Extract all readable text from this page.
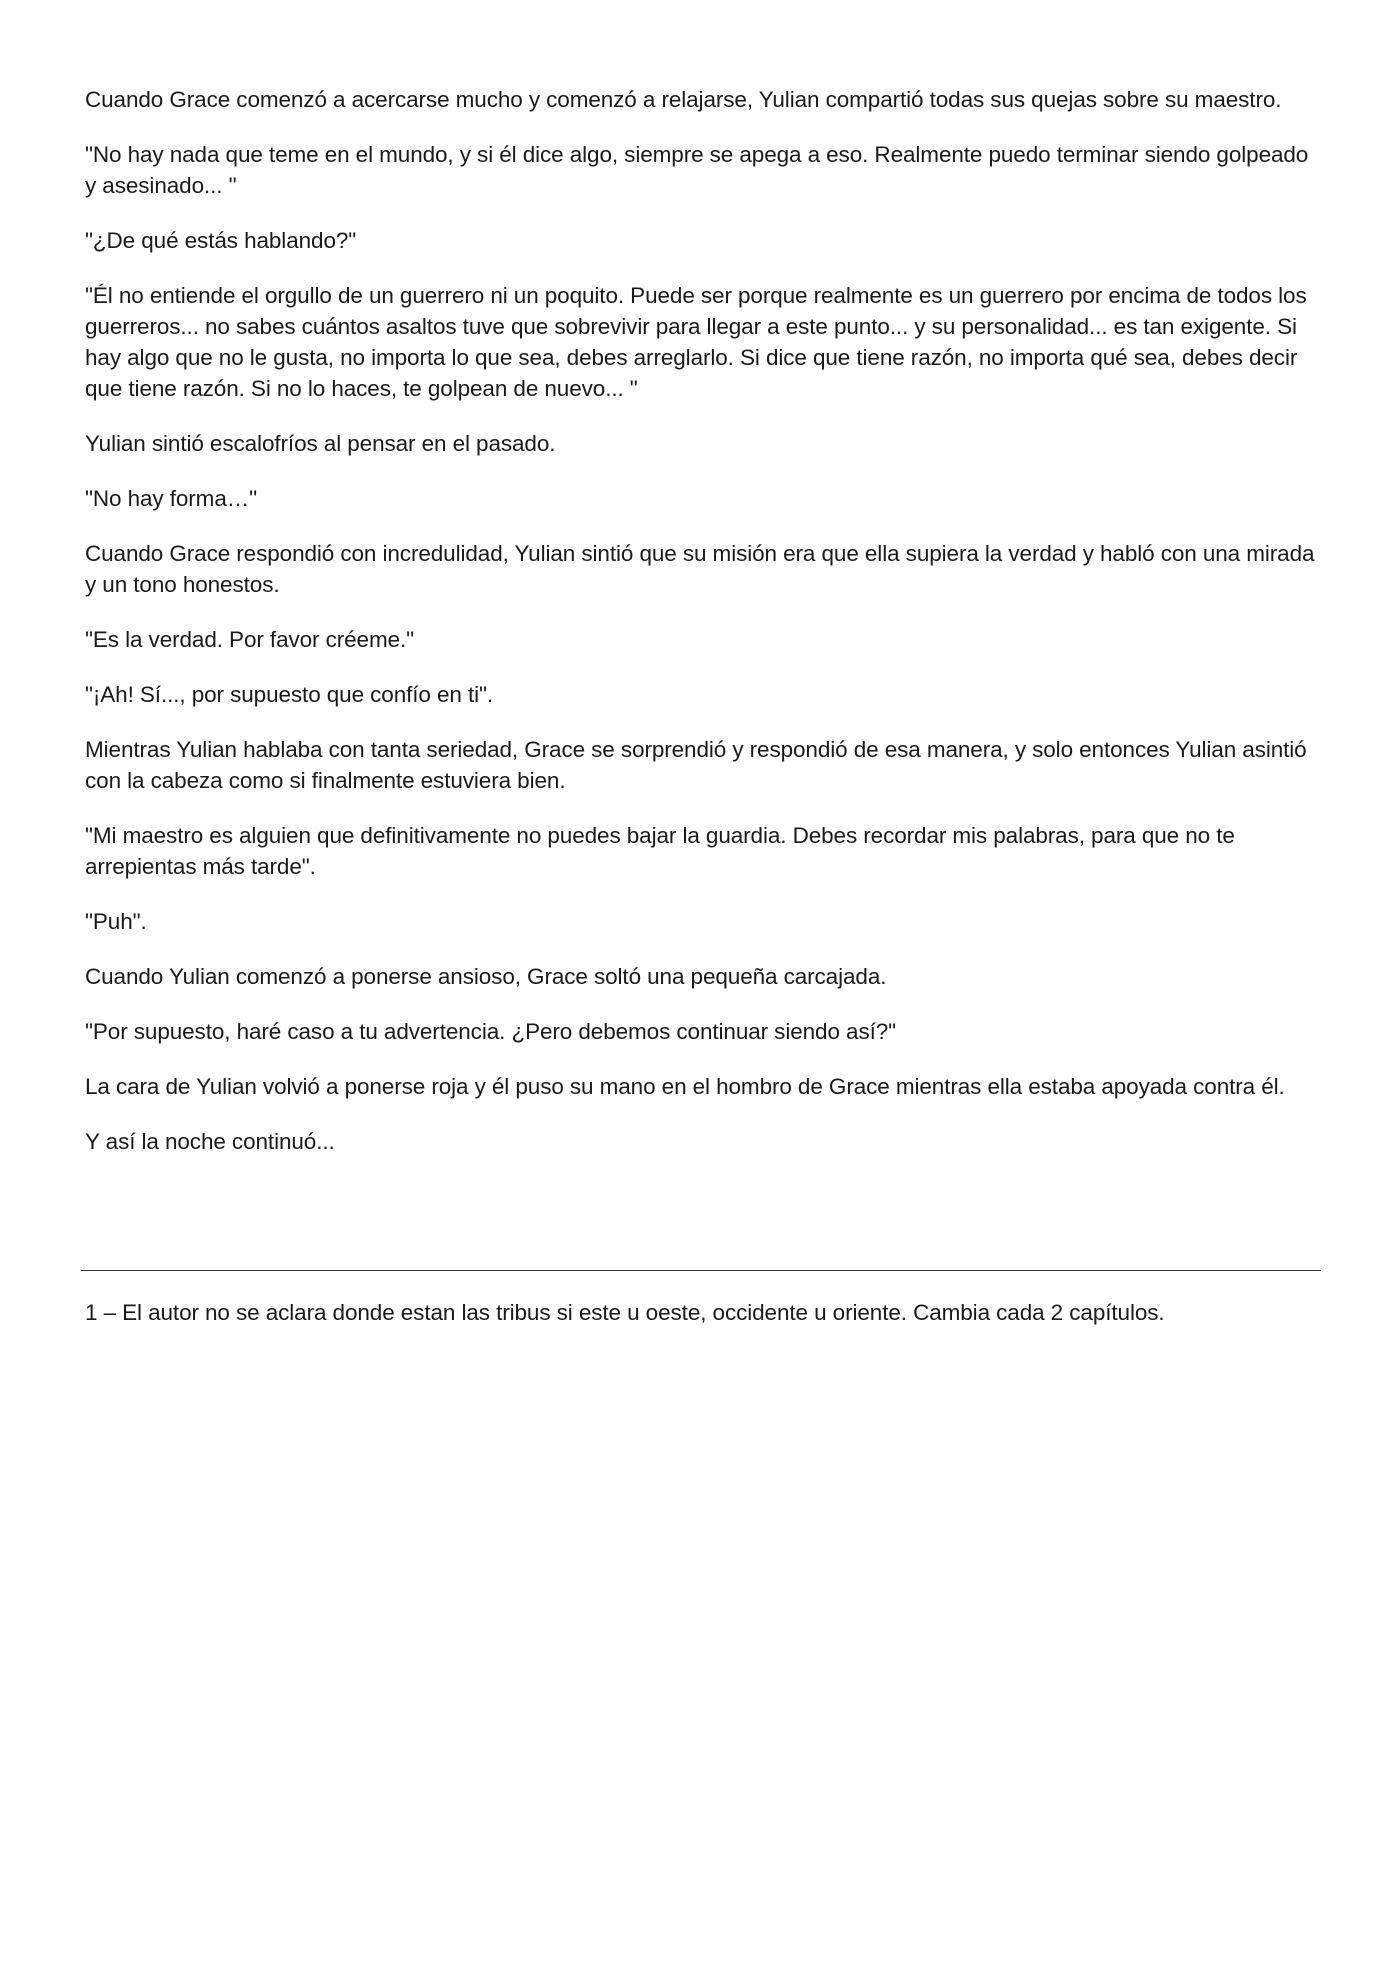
Cuando Grace comenzó a acercarse mucho y comenzó a relajarse, Yulian compartió todas sus quejas sobre su maestro.

"No hay nada que teme en el mundo, y si él dice algo, siempre se apega a eso. Realmente puedo terminar siendo golpeado y asesinado... "

"¿De qué estás hablando?"

"Él no entiende el orgullo de un guerrero ni un poquito. Puede ser porque realmente es un guerrero por encima de todos los guerreros... no sabes cuántos asaltos tuve que sobrevivir para llegar a este punto... y su personalidad... es tan exigente. Si hay algo que no le gusta, no importa lo que sea, debes arreglarlo. Si dice que tiene razón, no importa qué sea, debes decir que tiene razón. Si no lo haces, te golpean de nuevo... "

Yulian sintió escalofríos al pensar en el pasado.

"No hay forma…"

Cuando Grace respondió con incredulidad, Yulian sintió que su misión era que ella supiera la verdad y habló con una mirada y un tono honestos.

"Es la verdad. Por favor créeme."

"¡Ah! Sí..., por supuesto que confío en ti".

Mientras Yulian hablaba con tanta seriedad, Grace se sorprendió y respondió de esa manera, y solo entonces Yulian asintió con la cabeza como si finalmente estuviera bien.

"Mi maestro es alguien que definitivamente no puedes bajar la guardia. Debes recordar mis palabras, para que no te arrepientas más tarde".

"Puh".

Cuando Yulian comenzó a ponerse ansioso, Grace soltó una pequeña carcajada.

"Por supuesto, haré caso a tu advertencia. ¿Pero debemos continuar siendo así?"

La cara de Yulian volvió a ponerse roja y él puso su mano en el hombro de Grace mientras ella estaba apoyada contra él.

Y así la noche continuó...

1 – El autor no se aclara donde estan las tribus si este u oeste, occidente u oriente. Cambia cada 2 capítulos.
